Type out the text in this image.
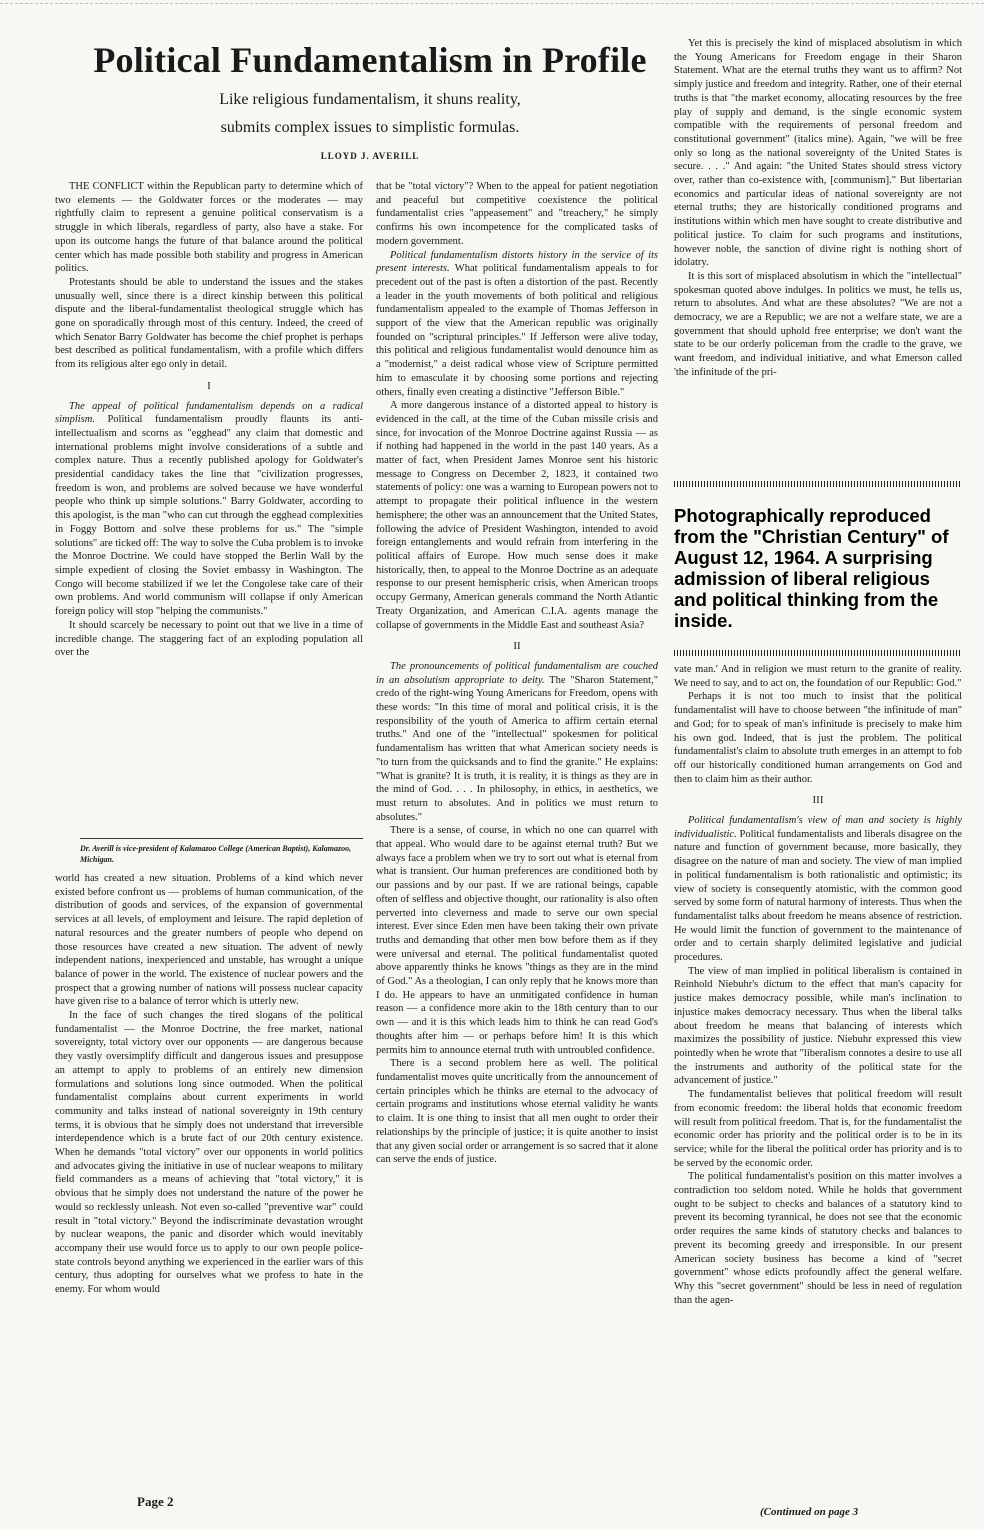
Political Fundamentalism in Profile
Like religious fundamentalism, it shuns reality,
submits complex issues to simplistic formulas.
LLOYD J. AVERILL

THE CONFLICT within the Republican party to determine which of two elements — the Goldwater forces or the moderates — may rightfully claim to represent a genuine political conservatism is a struggle in which liberals, regardless of party, also have a stake. For upon its outcome hangs the future of that balance around the political center which has made possible both stability and progress in American politics.

Protestants should be able to understand the issues and the stakes unusually well, since there is a direct kinship between this political dispute and the liberal-fundamentalist theological struggle which has gone on sporadically through most of this century. Indeed, the creed of which Senator Barry Goldwater has become the chief prophet is perhaps best described as political fundamentalism, with a profile which differs from its religious alter ego only in detail.

I

The appeal of political fundamentalism depends on a radical simplism. Political fundamentalism proudly flaunts its anti-intellectualism and scorns as "egghead" any claim that domestic and international problems might involve considerations of a subtle and complex nature. Thus a recently published apology for Goldwater's presidential candidacy takes the line that "civilization progresses, freedom is won, and problems are solved because we have wonderful people who think up simple solutions." Barry Goldwater, according to this apologist, is the man "who can cut through the egghead complexities in Foggy Bottom and solve these problems for us." The "simple solutions" are ticked off: The way to solve the Cuba problem is to invoke the Monroe Doctrine. We could have stopped the Berlin Wall by the simple expedient of closing the Soviet embassy in Washington. The Congo will become stabilized if we let the Congolese take care of their own problems. And world communism will collapse if only American foreign policy will stop "helping the communists."

It should scarcely be necessary to point out that we live in a time of incredible change. The staggering fact of an exploding population all over the

Dr. Averill is vice-president of Kalamazoo College (American Baptist), Kalamazoo, Michigan.

world has created a new situation. Problems of a kind which never existed before confront us — problems of human communication, of the distribution of goods and services, of the expansion of governmental services at all levels, of employment and leisure. The rapid depletion of natural resources and the greater numbers of people who depend on those resources have created a new situation. The advent of newly independent nations, inexperienced and unstable, has wrought a unique balance of power in the world. The existence of nuclear powers and the prospect that a growing number of nations will possess nuclear capacity have given rise to a balance of terror which is utterly new.

In the face of such changes the tired slogans of the political fundamentalist — the Monroe Doctrine, the free market, national sovereignty, total victory over our opponents — are dangerous because they vastly oversimplify difficult and dangerous issues and presuppose an attempt to apply to problems of an entirely new dimension formulations and solutions long since outmoded. When the political fundamentalist complains about current experiments in world community and talks instead of national sovereignty in 19th century terms, it is obvious that he simply does not understand that irreversible interdependence which is a brute fact of our 20th century existence. When he demands "total victory" over our opponents in world politics and advocates giving the initiative in use of nuclear weapons to military field commanders as a means of achieving that "total victory," it is obvious that he simply does not understand the nature of the power he would so recklessly unleash. Not even so-called "preventive war" could result in "total victory." Beyond the indiscriminate devastation wrought by nuclear weapons, the panic and disorder which would inevitably accompany their use would force us to apply to our own people police-state controls beyond anything we experienced in the earlier wars of this century, thus adopting for ourselves what we profess to hate in the enemy. For whom would

that be "total victory"? When to the appeal for patient negotiation and peaceful but competitive coexistence the political fundamentalist cries "appeasement" and "treachery," he simply confirms his own incompetence for the complicated tasks of modern government.

Political fundamentalism distorts history in the service of its present interests. What political fundamentalism appeals to for precedent out of the past is often a distortion of the past. Recently a leader in the youth movements of both political and religious fundamentalism appealed to the example of Thomas Jefferson in support of the view that the American republic was originally founded on "scriptural principles." If Jefferson were alive today, this political and religious fundamentalist would denounce him as a "modernist," a deist radical whose view of Scripture permitted him to emasculate it by choosing some portions and rejecting others, finally even creating a distinctive "Jefferson Bible."

A more dangerous instance of a distorted appeal to history is evidenced in the call, at the time of the Cuban missile crisis and since, for invocation of the Monroe Doctrine against Russia — as if nothing had happened in the world in the past 140 years. As a matter of fact, when President James Monroe sent his historic message to Congress on December 2, 1823, it contained two statements of policy: one was a warning to European powers not to attempt to propagate their political influence in the western hemisphere; the other was an announcement that the United States, following the advice of President Washington, intended to avoid foreign entanglements and would refrain from interfering in the political affairs of Europe. How much sense does it make historically, then, to appeal to the Monroe Doctrine as an adequate response to our present hemispheric crisis, when American troops occupy Germany, American generals command the North Atlantic Treaty Organization, and American C.I.A. agents manage the collapse of governments in the Middle East and southeast Asia?

II

The pronouncements of political fundamentalism are couched in an absolutism appropriate to deity. The "Sharon Statement," credo of the right-wing Young Americans for Freedom, opens with these words: "In this time of moral and political crisis, it is the responsibility of the youth of America to affirm certain eternal truths." And one of the "intellectual" spokesmen for political fundamentalism has written that what American society needs is "to turn from the quicksands and to find the granite." He explains: "What is granite? It is truth, it is reality, it is things as they are in the mind of God. . . . In philosophy, in ethics, in aesthetics, we must return to absolutes. And in politics we must return to absolutes."

There is a sense, of course, in which no one can quarrel with that appeal. Who would dare to be against eternal truth? But we always face a problem when we try to sort out what is eternal from what is transient. Our human preferences are conditioned both by our passions and by our past. If we are rational beings, capable often of selfless and objective thought, our rationality is also often perverted into cleverness and made to serve our own special interest. Ever since Eden men have been taking their own private truths and demanding that other men bow before them as if they were universal and eternal. The political fundamentalist quoted above apparently thinks he knows "things as they are in the mind of God." As a theologian, I can only reply that he knows more than I do. He appears to have an unmitigated confidence in human reason — a confidence more akin to the 18th century than to our own — and it is this which leads him to think he can read God's thoughts after him — or perhaps before him! It is this which permits him to announce eternal truth with untroubled confidence.

There is a second problem here as well. The political fundamentalist moves quite uncritically from the announcement of certain principles which he thinks are eternal to the advocacy of certain programs and institutions whose eternal validity he wants to claim. It is one thing to insist that all men ought to order their relationships by the principle of justice; it is quite another to insist that any given social order or arrangement is so sacred that it alone can serve the ends of justice.

Yet this is precisely the kind of misplaced absolutism in which the Young Americans for Freedom engage in their Sharon Statement. What are the eternal truths they want us to affirm? Not simply justice and freedom and integrity. Rather, one of their eternal truths is that "the market economy, allocating resources by the free play of supply and demand, is the single economic system compatible with the requirements of personal freedom and constitutional government" (italics mine). Again, "we will be free only so long as the national sovereignty of the United States is secure. . . ." And again: "the United States should stress victory over, rather than co-existence with, [communism]." But libertarian economics and particular ideas of national sovereignty are not eternal truths; they are historically conditioned programs and institutions within which men have sought to create distributive and political justice. To claim for such programs and institutions, however noble, the sanction of divine right is nothing short of idolatry.

It is this sort of misplaced absolutism in which the "intellectual" spokesman quoted above indulges. In politics we must, he tells us, return to absolutes. And what are these absolutes? "We are not a democracy, we are a Republic; we are not a welfare state, we are a government that should uphold free enterprise; we don't want the state to be our orderly policeman from the cradle to the grave, we want freedom, and individual initiative, and what Emerson called 'the infinitude of the pri-

Photographically reproduced from the "Christian Century" of August 12, 1964. A surprising admission of liberal religious and political thinking from the inside.

vate man.' And in religion we must return to the granite of reality. We need to say, and to act on, the foundation of our Republic: God."

Perhaps it is not too much to insist that the political fundamentalist will have to choose between "the infinitude of man" and God; for to speak of man's infinitude is precisely to make him his own god. Indeed, that is just the problem. The political fundamentalist's claim to absolute truth emerges in an attempt to fob off our historically conditioned human arrangements on God and then to claim him as their author.

III

Political fundamentalism's view of man and society is highly individualistic. Political fundamentalists and liberals disagree on the nature and function of government because, more basically, they disagree on the nature of man and society. The view of man implied in political fundamentalism is both rationalistic and optimistic; its view of society is consequently atomistic, with the common good served by some form of natural harmony of interests. Thus when the fundamentalist talks about freedom he means absence of restriction. He would limit the function of government to the maintenance of order and to certain sharply delimited legislative and judicial procedures.

The view of man implied in political liberalism is contained in Reinhold Niebuhr's dictum to the effect that man's capacity for justice makes democracy possible, while man's inclination to injustice makes democracy necessary. Thus when the liberal talks about freedom he means that balancing of interests which maximizes the possibility of justice. Niebuhr expressed this view pointedly when he wrote that "liberalism connotes a desire to use all the instruments and authority of the political state for the advancement of justice."

The fundamentalist believes that political freedom will result from economic freedom: the liberal holds that economic freedom will result from political freedom. That is, for the fundamentalist the economic order has priority and the political order is to be in its service; while for the liberal the political order has priority and is to be served by the economic order.

The political fundamentalist's position on this matter involves a contradiction too seldom noted. While he holds that government ought to be subject to checks and balances of a statutory kind to prevent its becoming tyrannical, he does not see that the economic order requires the same kinds of statutory checks and balances to prevent its becoming greedy and irresponsible. In our present American society business has become a kind of "secret government" whose edicts profoundly affect the general welfare. Why this "secret government" should be less in need of regulation than the agen-

Page 2
(Continued on page 3
